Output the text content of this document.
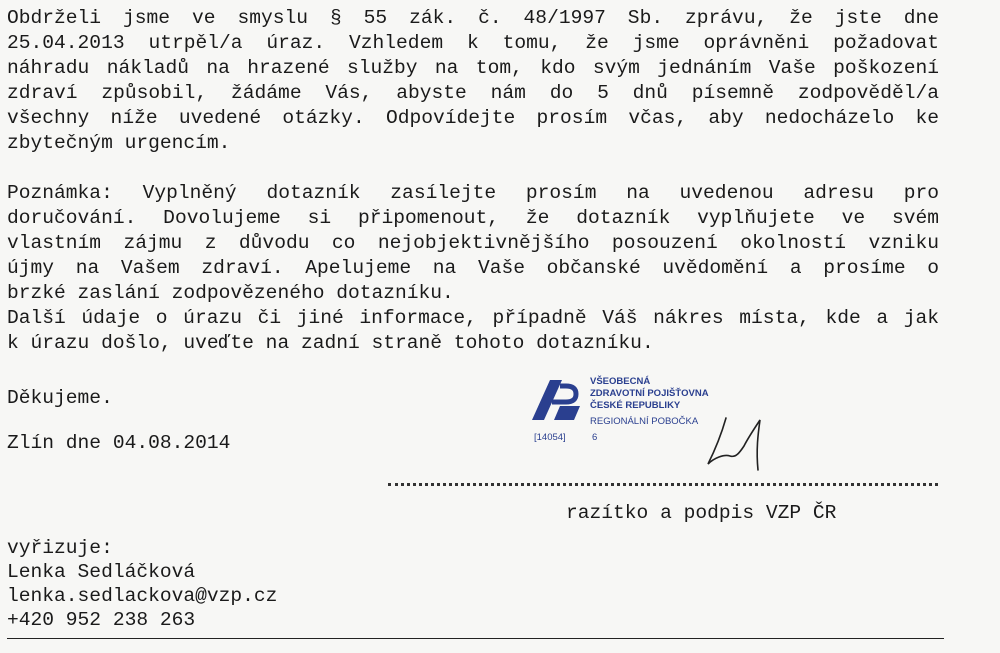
Obdrželi jsme ve smyslu § 55 zák. č. 48/1997 Sb. zprávu, že jste dne
25.04.2013 utrpěl/a úraz. Vzhledem k tomu, že jsme oprávněni požadovat
náhradu nákladů na hrazené služby na tom, kdo svým jednáním Vaše poškození
zdraví způsobil, žádáme Vás, abyste nám do 5 dnů písemně zodpověděl/a
všechny níže uvedené otázky. Odpovídejte prosím včas, aby nedocházelo ke
zbytečným urgencím.
Poznámka: Vyplněný dotazník zasílejte prosím na uvedenou adresu pro
doručování. Dovolujeme si připomenout, že dotazník vyplňujete ve svém
vlastním zájmu z důvodu co nejobjektivnějšího posouzení okolností vzniku
újmy na Vašem zdraví. Apelujeme na Vaše občanské uvědomění a prosíme o
brzké zaslání zodpovězeného dotazníku.
Další údaje o úrazu či jiné informace, případně Váš nákres místa, kde a jak
k úrazu došlo, uveďte na zadní straně tohoto dotazníku.
Děkujeme.
Zlín dne 04.08.2014
VŠEOBECNÁ
ZDRAVOTNÍ POJIŠŤOVNA
ČESKÉ REPUBLIKY
REGIONÁLNÍ POBOČKA
[14054]	6
razítko a podpis VZP ČR
vyřizuje:
Lenka Sedláčková
lenka.sedlackova@vzp.cz
+420 952 238 263
